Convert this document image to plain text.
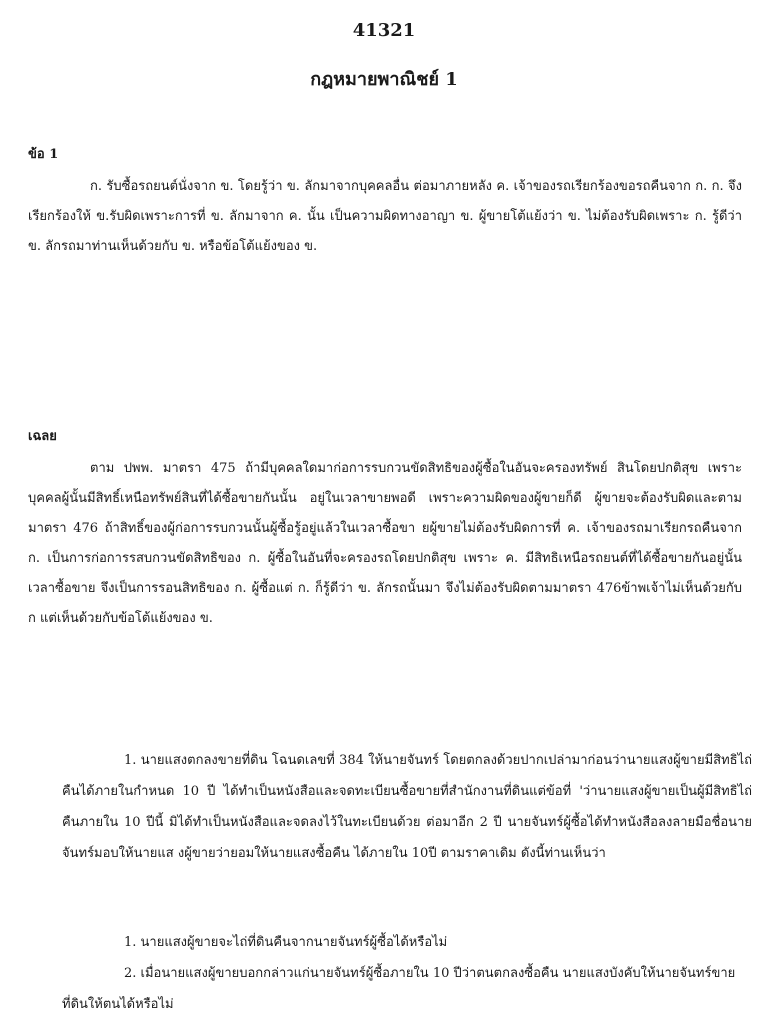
41321
กฎหมายพาณิชย์ 1
ข้อ 1

ก. รับซื้อรถยนต์นั่งจาก ข. โดยรู้ว่า ข. ลักมาจากบุคคลอื่น ต่อมาภายหลัง ค. เจ้าของรถเรียกร้องขอรถคืนจาก ก. ก. จึงเรียกร้องให้ ข.รับผิดเพราะการที่ ข. ลักมาจาก ค. นั้น เป็นความผิดทางอาญา ข. ผู้ขายโต้แย้งว่า ข. ไม่ต้องรับผิดเพราะ ก. รู้ดีว่า ข. ลักรถมาท่านเห็นด้วยกับ ข. หรือข้อโต้แย้งของ ข.

เฉลย

ตาม ปพพ. มาตรา 475 ถ้ามีบุคคลใดมาก่อการรบกวนขัดสิทธิของผู้ซื้อในอันจะครองทรัพย์ สินโดยปกติสุข เพราะบุคคลผู้นั้นมีสิทธิ์เหนือทรัพย์สินที่ได้ซื้อขายกันนั้น อยู่ในเวลาขายพอดี เพราะความผิดของผู้ขายก็ดี ผู้ขายจะต้องรับผิดและตามมาตรา 476 ถ้าสิทธิ์ของผู้ก่อการรบกวนนั้นผู้ซื้อรู้อยู่แล้วในเวลาซื้อขา ยผู้ขายไม่ต้องรับผิดการที่ ค. เจ้าของรถมาเรียกรถคืนจาก ก. เป็นการก่อการรสบกวนขัดสิทธิของ ก. ผู้ซื้อในอันที่จะครองรถโดยปกติสุข เพราะ ค. มีสิทธิเหนือรถยนต์ที่ได้ซื้อขายกันอยู่นั้นเวลาซื้อขาย จึงเป็นการรอนสิทธิของ ก. ผู้ซื้อแต่ ก. ก็รู้ดีว่า ข. ลักรถนั้นมา จึงไม่ต้องรับผิดตามมาตรา 476ข้าพเจ้าไม่เห็นด้วยกับ ก แต่เห็นด้วยกับข้อโต้แย้งของ ข.

1. นายแสงตกลงขายที่ดิน โฉนดเลขที่ 384 ให้นายจันทร์ โดยตกลงด้วยปากเปล่ามาก่อนว่านายแสงผู้ขายมีสิทธิไถ่คืนได้ภายในกำหนด 10 ปี ได้ทำเป็นหนังสือและจดทะเบียนซื้อขายที่สำนักงานที่ดินแต่ข้อที่ 'ว่านายแสงผู้ขายเป็นผู้มีสิทธิไถ่คืนภายใน 10 ปีนี้ มิได้ทำเป็นหนังสือและจดลงไว้ในทะเบียนด้วย ต่อมาอีก 2 ปี นายจันทร์ผู้ซื้อได้ทำหนังสือลงลายมือชื่อนายจันทร์มอบให้นายแส งผู้ขายว่ายอมให้นายแสงซื้อคืน ได้ภายใน 10ปี ตามราคาเดิม ดังนี้ท่านเห็นว่า

1. นายแสงผู้ขายจะไถ่ที่ดินคืนจากนายจันทร์ผู้ซื้อได้หรือไม่
2. เมื่อนายแสงผู้ขายบอกกล่าวแก่นายจันทร์ผู้ซื้อภายใน 10 ปีว่าตนตกลงซื้อคืน นายแสงบังคับให้นายจันทร์ขายที่ดินให้ตนได้หรือไม่
